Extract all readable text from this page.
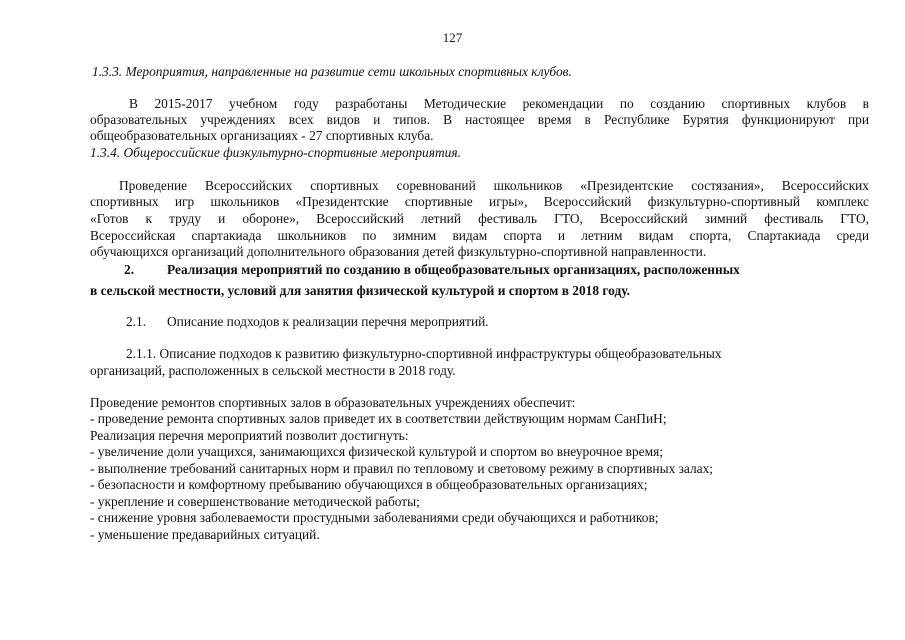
127
1.3.3. Мероприятия, направленные на развитие сети школьных спортивных клубов.
В 2015-2017 учебном году разработаны Методические рекомендации по созданию спортивных клубов в
образовательных учреждениях всех видов и типов. В настоящее время в Республике Бурятия функционируют при
общеобразовательных организациях - 27 спортивных клуба.
1.3.4. Общероссийские физкультурно-спортивные мероприятия.
Проведение Всероссийских спортивных соревнований школьников «Президентские состязания», Всероссийских
спортивных игр школьников «Президентские спортивные игры», Всероссийский физкультурно-спортивный комплекс
«Готов к труду и обороне», Всероссийский летний фестиваль ГТО, Всероссийский зимний фестиваль ГТО,
Всероссийская спартакиада школьников по зимним видам спорта и летним видам спорта, Спартакиада среди
обучающихся организаций дополнительного образования детей физкультурно-спортивной направленности.
2. Реализация мероприятий по созданию в общеобразовательных организациях, расположенных
в сельской местности, условий для занятия физической культурой и спортом в 2018 году.
2.1. Описание подходов к реализации перечня мероприятий.
2.1.1. Описание подходов к развитию физкультурно-спортивной инфраструктуры общеобразовательных
организаций, расположенных в сельской местности в 2018 году.
Проведение ремонтов спортивных залов в образовательных учреждениях обеспечит:
- проведение ремонта спортивных залов приведет их в соответствии действующим нормам СанПиН;
Реализация перечня мероприятий позволит достигнуть:
- увеличение доли учащихся, занимающихся физической культурой и спортом во внеурочное время;
- выполнение требований санитарных норм и правил по тепловому и световому режиму в спортивных залах;
- безопасности и комфортному пребыванию обучающихся в общеобразовательных организациях;
- укрепление и совершенствование методической работы;
- снижение уровня заболеваемости простудными заболеваниями среди обучающихся и работников;
- уменьшение предаварийных ситуаций.
